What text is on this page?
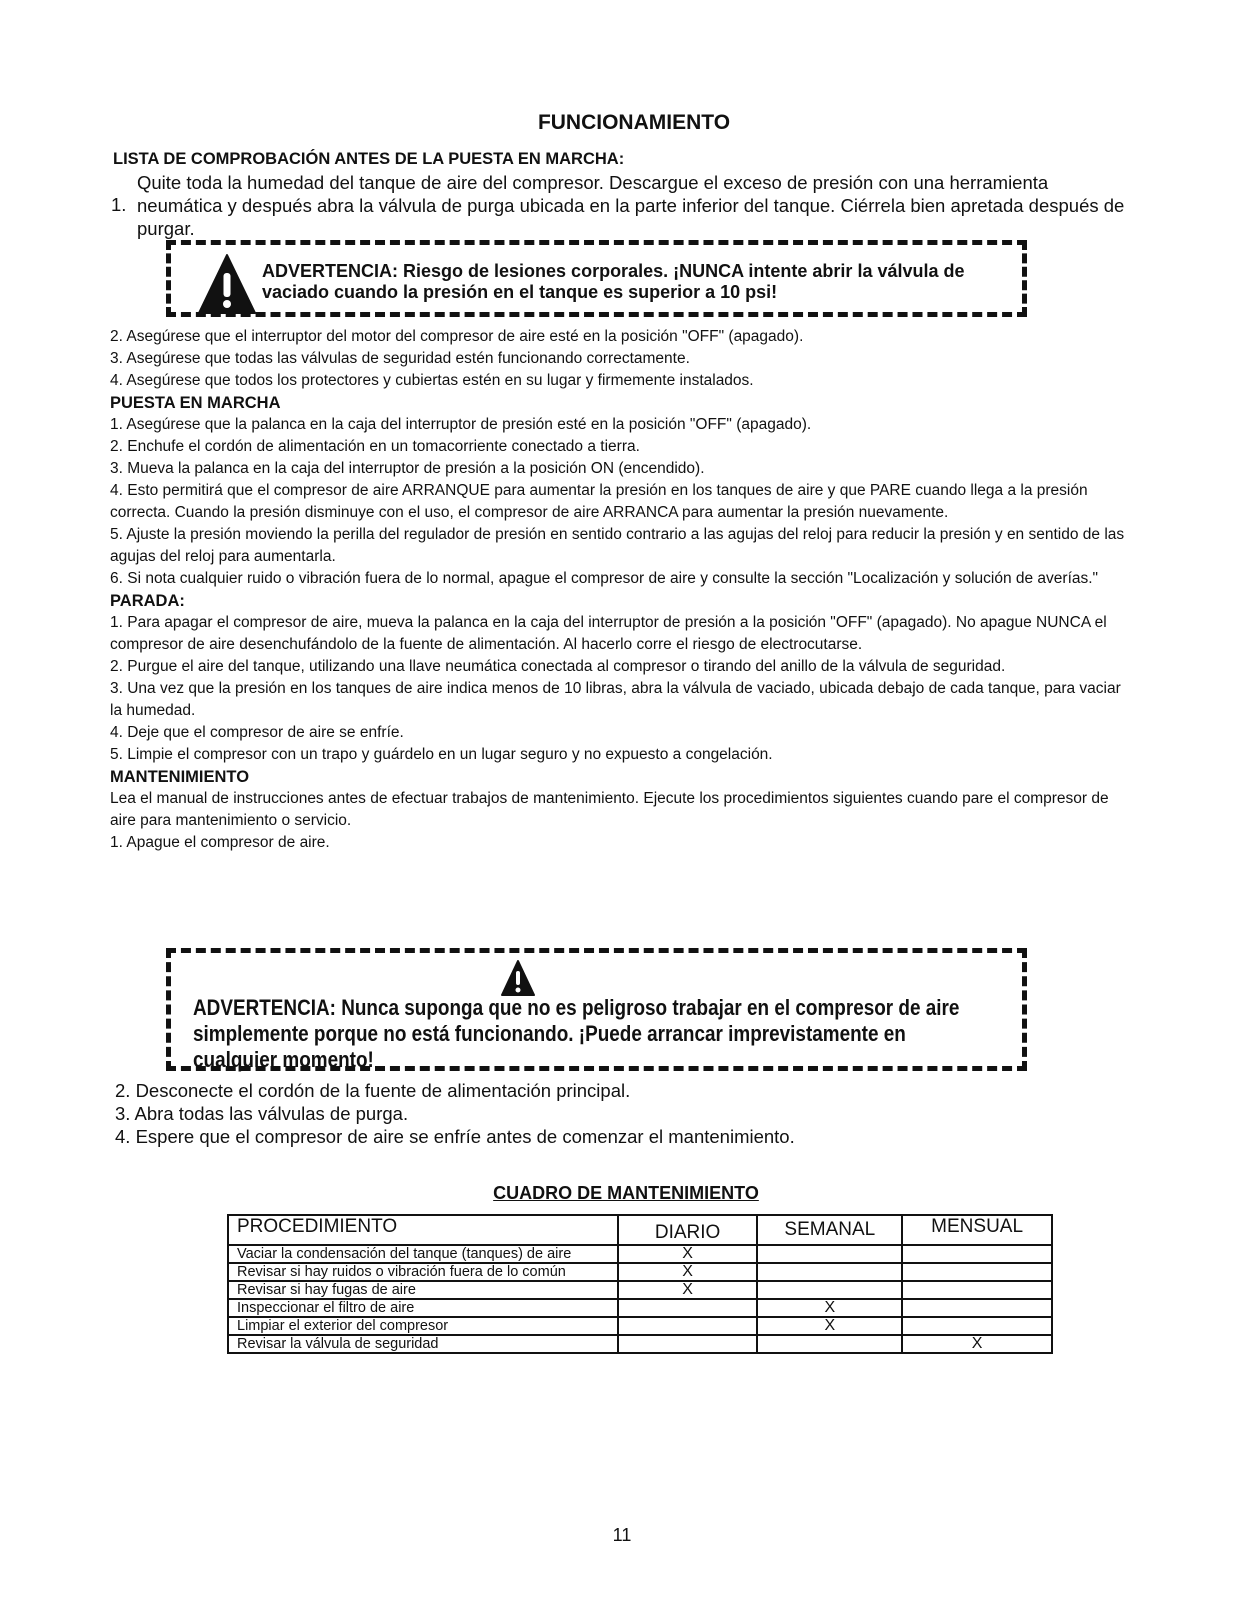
FUNCIONAMIENTO
LISTA DE COMPROBACIÓN ANTES DE LA PUESTA EN MARCHA:
1.
Quite toda la humedad del tanque de aire del compresor. Descargue el exceso de presión con una herramienta neumática y después abra la válvula de purga ubicada en la parte inferior del tanque. Ciérrela bien apretada después de purgar.
ADVERTENCIA: Riesgo de lesiones corporales. ¡NUNCA intente abrir la válvula de vaciado cuando la presión en el tanque es superior a 10 psi!
2. Asegúrese que el interruptor del motor del compresor de aire esté en la posición "OFF" (apagado).
3. Asegúrese que todas las válvulas de seguridad estén funcionando correctamente.
4. Asegúrese que todos los protectores y cubiertas estén en su lugar y firmemente instalados.
PUESTA EN MARCHA
1. Asegúrese que la palanca en la caja del interruptor de presión esté en la posición "OFF" (apagado).
2. Enchufe el cordón de alimentación en un tomacorriente conectado a tierra.
3. Mueva la palanca en la caja del interruptor de presión a la posición ON (encendido).
4. Esto permitirá que el compresor de aire ARRANQUE para aumentar la presión en los tanques de aire y que PARE cuando llega a la presión correcta. Cuando la presión disminuye con el uso, el compresor de aire ARRANCA para aumentar la presión nuevamente.
5. Ajuste la presión moviendo la perilla del regulador de presión en sentido contrario a las agujas del reloj para reducir la presión y en sentido de las agujas del reloj para aumentarla.
6. Si nota cualquier ruido o vibración fuera de lo normal, apague el compresor de aire y consulte la sección "Localización y solución de averías."
PARADA:
1. Para apagar el compresor de aire, mueva la palanca en la caja del interruptor de presión a la posición "OFF" (apagado). No apague NUNCA el compresor de aire desenchufándolo de la fuente de alimentación. Al hacerlo corre el riesgo de electrocutarse.
2. Purgue el aire del tanque, utilizando una llave neumática conectada al compresor o tirando del anillo de la válvula de seguridad.
3. Una vez que la presión en los tanques de aire indica menos de 10 libras, abra la válvula de vaciado, ubicada debajo de cada tanque, para vaciar la humedad.
4. Deje que el compresor de aire se enfríe.
5. Limpie el compresor con un trapo y guárdelo en un lugar seguro y no expuesto a congelación.
MANTENIMIENTO
Lea el manual de instrucciones antes de efectuar trabajos de mantenimiento. Ejecute los procedimientos siguientes cuando pare el compresor de aire para mantenimiento o servicio.
1. Apague el compresor de aire.
ADVERTENCIA: Nunca suponga que no es peligroso trabajar en el compresor de aire simplemente porque no está funcionando. ¡Puede arrancar imprevistamente en cualquier momento!
2. Desconecte el cordón de la fuente de alimentación principal.
3. Abra todas las válvulas de purga.
4. Espere que el compresor de aire se enfríe antes de comenzar el mantenimiento.
CUADRO DE MANTENIMIENTO
PROCEDIMIENTO	DIARIO	SEMANAL	MENSUAL
Vaciar la condensación del tanque (tanques) de aire	X		
Revisar si hay ruidos o vibración fuera de lo común	X		
Revisar si hay fugas de aire	X		
Inspeccionar el filtro de aire		X	
Limpiar el exterior del compresor		X	
Revisar la válvula de seguridad			X
11
